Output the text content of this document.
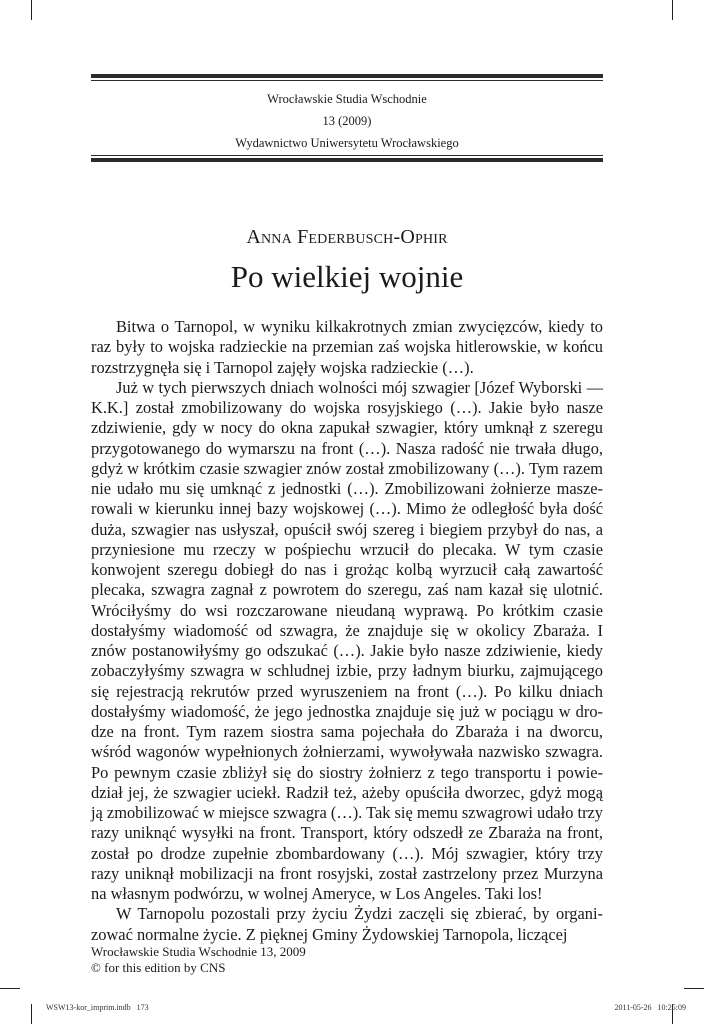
Wrocławskie Studia Wschodnie
13 (2009)
Wydawnictwo Uniwersytetu Wrocławskiego
Anna Federbusch-Ophir
Po wielkiej wojnie

Bitwa o Tarnopol, w wyniku kilkakrotnych zmian zwycięzców, kiedy to raz były to wojska radzieckie na przemian zaś wojska hitlerowskie, w końcu rozstrzygnęła się i Tarnopol zajęły wojska radzieckie (…).

Już w tych pierwszych dniach wolności mój szwagier [Józef Wyborski — K.K.] został zmobilizowany do wojska rosyjskiego (…). Jakie było nasze zdziwienie, gdy w nocy do okna zapukał szwagier, który umknął z szeregu przygotowanego do wymarszu na front (…). Nasza radość nie trwała długo, gdyż w krótkim czasie szwagier znów został zmobilizowany (…). Tym razem nie udało mu się umknąć z jednostki (…). Zmobilizowani żołnierze maszerowali w kierunku innej bazy wojskowej (…). Mimo że odległość była dość duża, szwagier nas usłyszał, opuścił swój szereg i biegiem przybył do nas, a przyniesione mu rzeczy w pośpiechu wrzucił do plecaka. W tym czasie konwojent szeregu dobiegł do nas i grożąc kolbą wyrzucił całą zawartość plecaka, szwagra zagnał z powrotem do szeregu, zaś nam kazał się ulotnić. Wróciłyśmy do wsi rozczarowane nieudaną wyprawą. Po krótkim czasie dostałyśmy wiadomość od szwagra, że znajduje się w okolicy Zbaraża. I znów postanowiłyśmy go odszukać (…). Jakie było nasze zdziwienie, kiedy zobaczyłyśmy szwagra w schludnej izbie, przy ładnym biurku, zajmującego się rejestracją rekrutów przed wyruszeniem na front (…). Po kilku dniach dostałyśmy wiadomość, że jego jednostka znajduje się już w pociągu w drodze na front. Tym razem siostra sama pojechała do Zbaraża i na dworcu, wśród wagonów wypełnionych żołnierzami, wywoływała nazwisko szwagra. Po pewnym czasie zbliżył się do siostry żołnierz z tego transportu i powiedział jej, że szwagier uciekł. Radził też, ażeby opuściła dworzec, gdyż mogą ją zmobilizować w miejsce szwagra (…). Tak się memu szwagrowi udało trzy razy uniknąć wysyłki na front. Transport, który odszedł ze Zbaraża na front, został po drodze zupełnie zbombardowany (…). Mój szwagier, który trzy razy uniknął mobilizacji na front rosyjski, został zastrzelony przez Murzyna na własnym podwórzu, w wolnej Ameryce, w Los Angeles. Taki los!

W Tarnopolu pozostali przy życiu Żydzi zaczęli się zbierać, by organizować normalne życie. Z pięknej Gminy Żydowskiej Tarnopola, liczącej

Wrocławskie Studia Wschodnie 13, 2009
© for this edition by CNS
WSW13-kor_imprim.indb   173	2011-05-26   10:25:09
